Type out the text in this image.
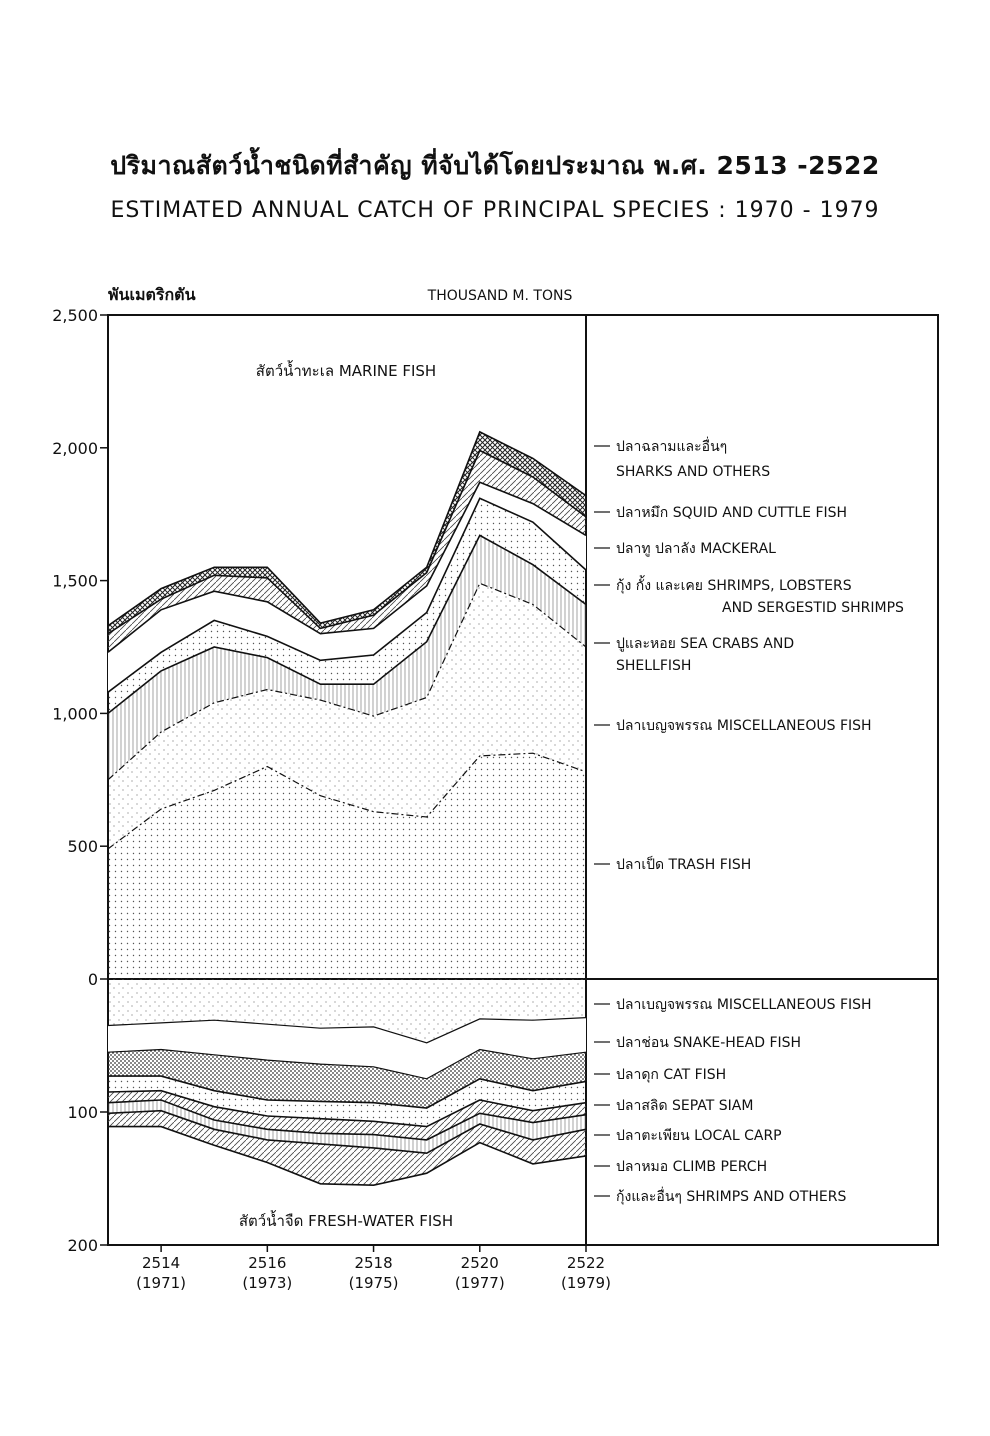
ปริมาณสัตว์น้ำชนิดที่สำคัญ ที่จับได้โดยประมาณ พ.ศ. 2513 -2522
ESTIMATED ANNUAL CATCH OF PRINCIPAL SPECIES : 1970 - 1979
0
500
1,000
1,500
2,000
2,500
100
200
2514
(1971)
2516
(1973)
2518
(1975)
2520
(1977)
2522
(1979)
พันเมตริกตัน	THOUSAND M. TONS
สัตว์น้ำทะเล MARINE FISH
สัตว์น้ำจืด FRESH-WATER FISH
ปลาฉลามและอื่นๆ
SHARKS AND OTHERS
ปลาหมึก SQUID AND CUTTLE FISH
ปลาทู ปลาลัง MACKERAL
กุ้ง กั้ง และเคย SHRIMPS, LOBSTERS
AND SERGESTID SHRIMPS
ปูและหอย SEA CRABS AND
SHELLFISH
ปลาเบญจพรรณ MISCELLANEOUS FISH
ปลาเป็ด TRASH FISH
ปลาเบญจพรรณ MISCELLANEOUS FISH
ปลาช่อน SNAKE-HEAD FISH
ปลาดุก CAT FISH
ปลาสลิด SEPAT SIAM
ปลาตะเพียน LOCAL CARP
ปลาหมอ CLIMB PERCH
กุ้งและอื่นๆ SHRIMPS AND OTHERS
